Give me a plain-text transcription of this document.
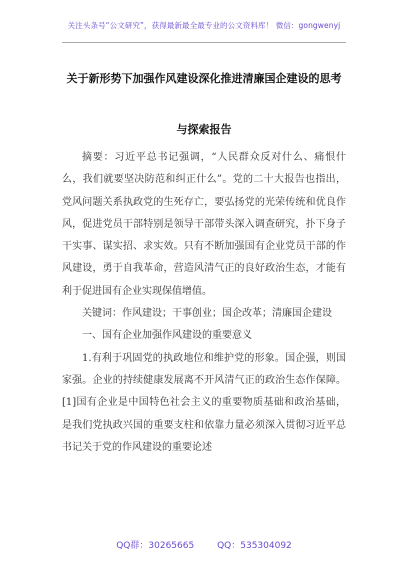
关注头条号“公文研究”，获得最新最全最专业的公文资料库！ 微信：gongwenyj
关于新形势下加强作风建设深化推进清廉国企建设的思考
与探索报告

摘要：习近平总书记强调，“人民群众反对什么、痛恨什么，我们就要坚决防范和纠正什么”。党的二十大报告也指出，党风问题关系执政党的生死存亡，要弘扬党的光荣传统和优良作风，促进党员干部特别是领导干部带头深入调查研究，扑下身子干实事、谋实招、求实效。只有不断加强国有企业党员干部的作风建设，勇于自我革命，营造风清气正的良好政治生态，才能有利于促进国有企业实现保值增值。

关键词：作风建设；干事创业；国企改革；清廉国企建设

一、国有企业加强作风建设的重要意义

1.有利于巩固党的执政地位和维护党的形象。国企强，则国家强。企业的持续健康发展离不开风清气正的政治生态作保障。[1]国有企业是中国特色社会主义的重要物质基础和政治基础，是我们党执政兴国的重要支柱和依靠力量必须深入贯彻习近平总书记关于党的作风建设的重要论述

QQ群：30265665	QQ：535304092
